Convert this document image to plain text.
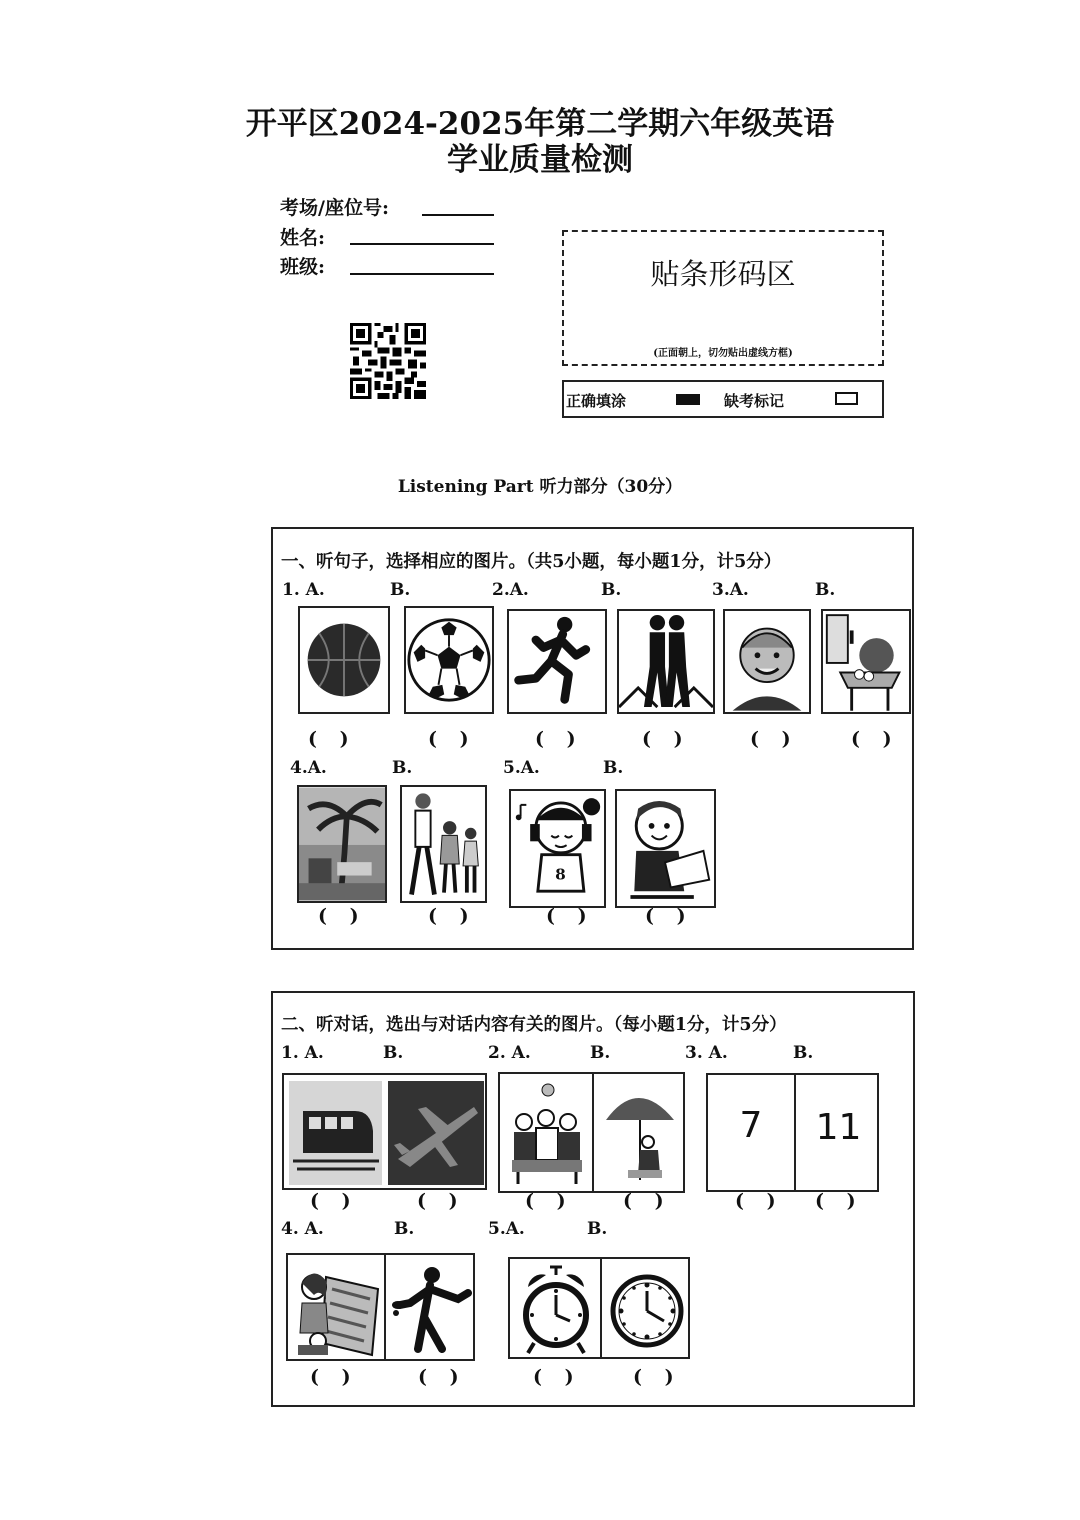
开平区2024-2025年第二学期六年级英语
学业质量检测
考场/座位号:
姓名:
班级:	贴条形码区
(正面朝上，切勿贴出虚线方框)
正确填涂	缺考标记
Listening Part 听力部分（30分）
一、听句子，选择相应的图片。（共5小题，每小题1分，计5分）
1. A.	B.	2.A.	B.	3.A.	B.
( )	( )	( )	( )	( )	( )
4.A.	B.	5.A.	B.
8
( )	( )	( )	( )
二、听对话，选出与对话内容有关的图片。（每小题1分，计5分）
1. A.	B.	2. A.	B.	3. A.	B.
7	11
( )	( )	( )	( )	( ) ( )
4. A.	B.	5.A.	B.
( )	( )	( )	( )
